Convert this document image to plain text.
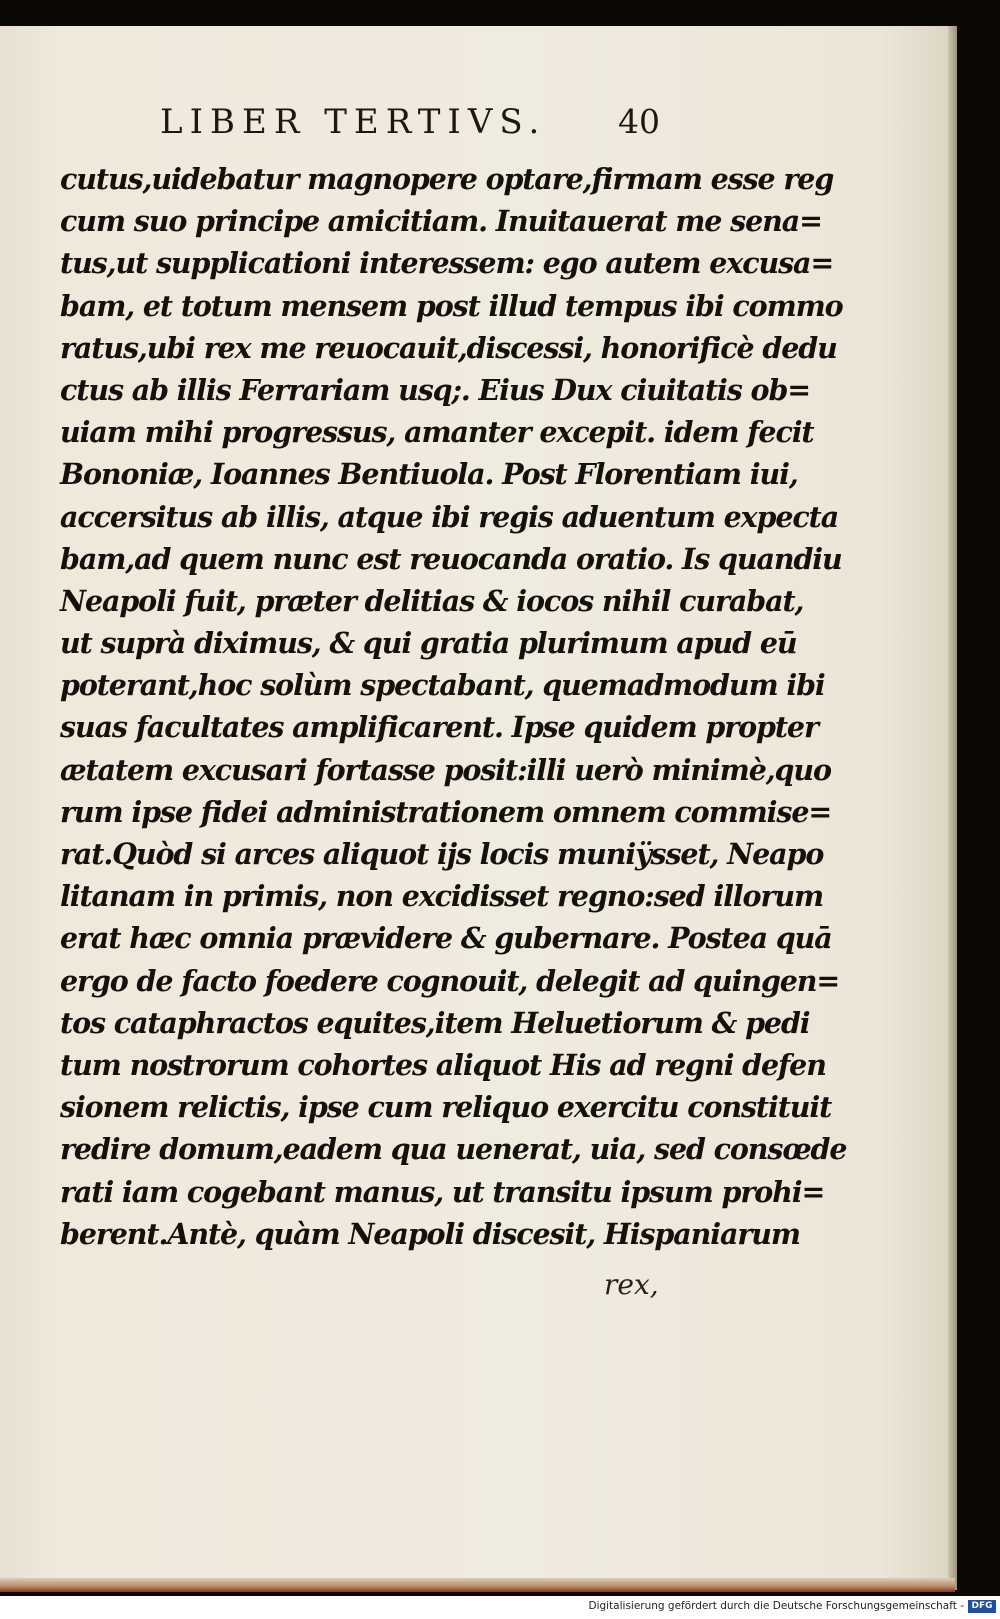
LIBER TERTIVS. 40
cutus,uidebatur magnopere optare,firmam esse reg
cum suo principe amicitiam. Inuitauerat me sena=
tus,ut supplicationi interessem: ego autem excusa=
bam, et totum mensem post illud tempus ibi commo
ratus,ubi rex me reuocauit,discessi, honorificè dedu
ctus ab illis Ferrariam usq;. Eius Dux ciuitatis ob=
uiam mihi progressus, amanter excepit. idem fecit
Bononiæ, Ioannes Bentiuola. Post Florentiam iui,
accersitus ab illis, atque ibi regis aduentum expecta
bam,ad quem nunc est reuocanda oratio. Is quandiu
Neapoli fuit, præter delitias & iocos nihil curabat,
ut suprà diximus, & qui gratia plurimum apud eū
poterant,hoc solùm spectabant, quemadmodum ibi
suas facultates amplificarent. Ipse quidem propter
ætatem excusari fortasse posit:illi uerò minimè,quo
rum ipse fidei administrationem omnem commise=
rat.Quòd si arces aliquot ijs locis muniÿsset, Neapo
litanam in primis, non excidisset regno:sed illorum
erat hæc omnia prævidere & gubernare. Postea quā
ergo de facto foedere cognouit, delegit ad quingen=
tos cataphractos equites,item Heluetiorum & pedi
tum nostrorum cohortes aliquot His ad regni defen
sionem relictis, ipse cum reliquo exercitu constituit
redire domum,eadem qua uenerat, uia, sed consœde
rati iam cogebant manus, ut transitu ipsum prohi=
berent.Antè, quàm Neapoli discesit, Hispaniarum
rex,
Digitalisierung gefördert durch die Deutsche Forschungsgemeinschaft - DFG
